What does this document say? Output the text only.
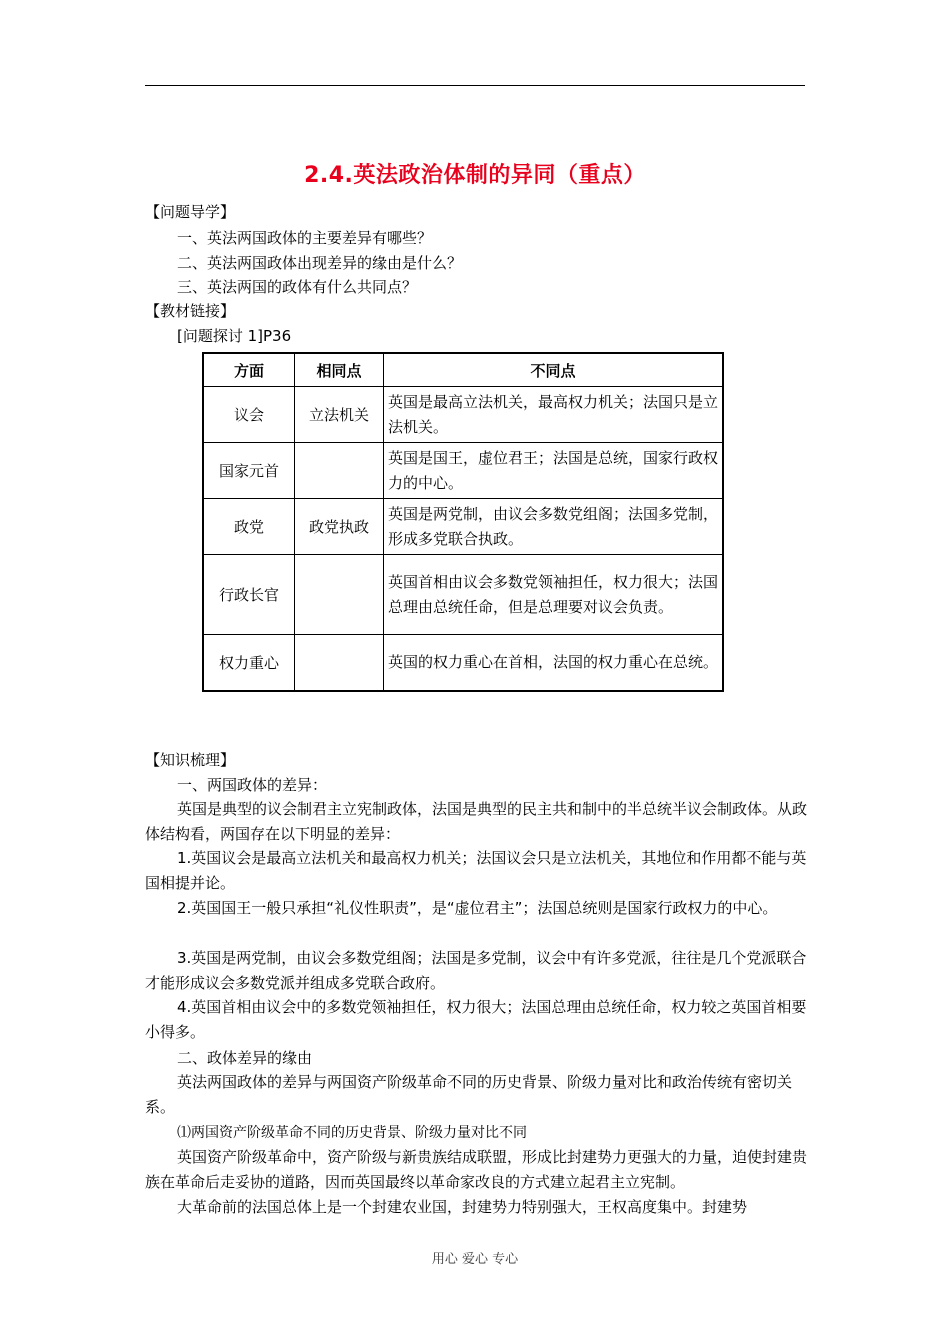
2.4.英法政治体制的异同（重点）
【问题导学】
一、英法两国政体的主要差异有哪些？
二、英法两国政体出现差异的缘由是什么？
三、英法两国的政体有什么共同点？
【教材链接】
[问题探讨 1]P36
方面	相同点	不同点
议会	立法机关	英国是最高立法机关，最高权力机关；法国只是立法机关。
国家元首		英国是国王，虚位君王；法国是总统，国家行政权力的中心。
政党	政党执政	英国是两党制，由议会多数党组阁；法国多党制，形成多党联合执政。
行政长官		英国首相由议会多数党领袖担任，权力很大；法国总理由总统任命，但是总理要对议会负责。
权力重心		英国的权力重心在首相，法国的权力重心在总统。
【知识梳理】
一、两国政体的差异：
英国是典型的议会制君主立宪制政体，法国是典型的民主共和制中的半总统半议会制政体。从政体结构看，两国存在以下明显的差异：
1.英国议会是最高立法机关和最高权力机关；法国议会只是立法机关，其地位和作用都不能与英国相提并论。
2.英国国王一般只承担“礼仪性职责”，是“虚位君主”；法国总统则是国家行政权力的中心。
3.英国是两党制，由议会多数党组阁；法国是多党制，议会中有许多党派，往往是几个党派联合才能形成议会多数党派并组成多党联合政府。
4.英国首相由议会中的多数党领袖担任，权力很大；法国总理由总统任命，权力较之英国首相要小得多。
二、政体差异的缘由
英法两国政体的差异与两国资产阶级革命不同的历史背景、阶级力量对比和政治传统有密切关系。
⑴两国资产阶级革命不同的历史背景、阶级力量对比不同
英国资产阶级革命中，资产阶级与新贵族结成联盟，形成比封建势力更强大的力量，迫使封建贵族在革命后走妥协的道路，因而英国最终以革命家改良的方式建立起君主立宪制。
大革命前的法国总体上是一个封建农业国，封建势力特别强大，王权高度集中。封建势
用心 爱心 专心
